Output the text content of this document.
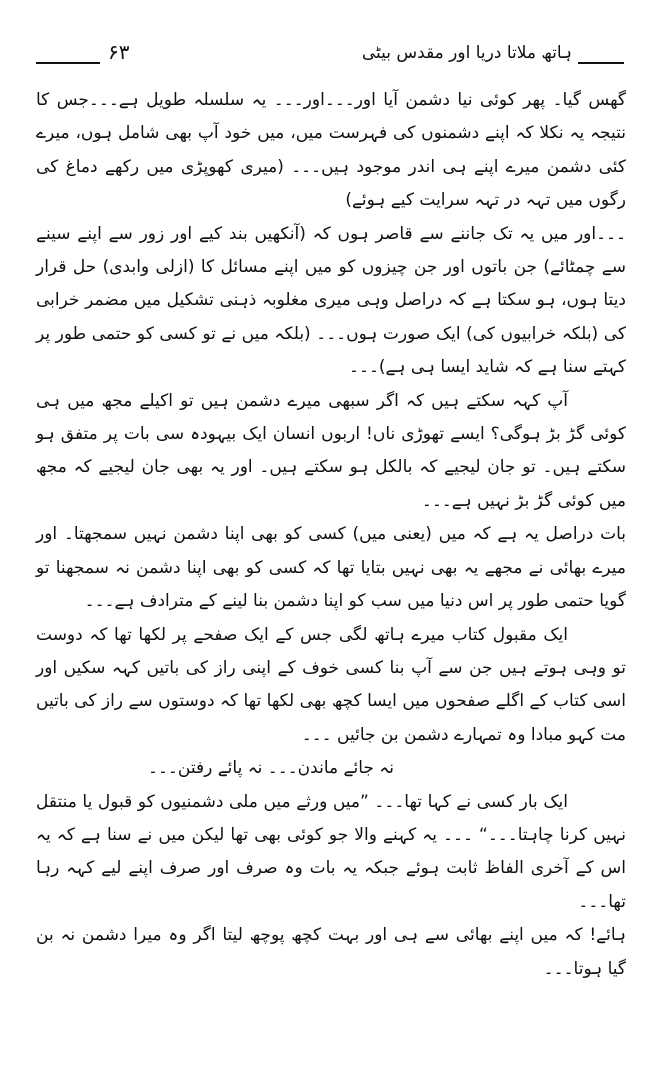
۶۳	ہاتھ ملاتا دریا اور مقدس بیٹی

گھس گیا۔ پھر کوئی نیا دشمن آیا اور۔۔۔اور۔۔۔ یہ سلسلہ طویل ہے۔۔۔جس کا نتیجہ یہ نکلا کہ اپنے دشمنوں کی فہرست میں، میں خود آپ بھی شامل ہوں، میرے کئی دشمن میرے اپنے ہی اندر موجود ہیں۔۔۔ (میری کھوپڑی میں رکھے دماغ کی رگوں میں تہہ در تہہ سرایت کیے ہوئے)

۔۔۔اور میں یہ تک جاننے سے قاصر ہوں کہ (آنکھیں بند کیے اور زور سے اپنے سینے سے چمٹائے) جن باتوں اور جن چیزوں کو میں اپنے مسائل کا (ازلی وابدی) حل قرار دیتا ہوں، ہو سکتا ہے کہ دراصل وہی میری مغلوبہ ذہنی تشکیل میں مضمر خرابی کی (بلکہ خرابیوں کی) ایک صورت ہوں۔۔۔ (بلکہ میں نے تو کسی کو حتمی طور پر کہتے سنا ہے کہ شاید ایسا ہی ہے)۔۔۔

آپ کہہ سکتے ہیں کہ اگر سبھی میرے دشمن ہیں تو اکیلے مجھ میں ہی کوئی گڑ بڑ ہوگی؟ ایسے تھوڑی ناں! اربوں انسان ایک بیہودہ سی بات پر متفق ہو سکتے ہیں۔ تو جان لیجیے کہ بالکل ہو سکتے ہیں۔ اور یہ بھی جان لیجیے کہ مجھ میں کوئی گڑ بڑ نہیں ہے۔۔۔

بات دراصل یہ ہے کہ میں (یعنی میں) کسی کو بھی اپنا دشمن نہیں سمجھتا۔ اور میرے بھائی نے مجھے یہ بھی نہیں بتایا تھا کہ کسی کو بھی اپنا دشمن نہ سمجھنا تو گویا حتمی طور پر اس دنیا میں سب کو اپنا دشمن بنا لینے کے مترادف ہے۔۔۔

ایک مقبول کتاب میرے ہاتھ لگی جس کے ایک صفحے پر لکھا تھا کہ دوست تو وہی ہوتے ہیں جن سے آپ بنا کسی خوف کے اپنی راز کی باتیں کہہ سکیں اور اسی کتاب کے اگلے صفحوں میں ایسا کچھ بھی لکھا تھا کہ دوستوں سے راز کی باتیں مت کہو مبادا وہ تمہارے دشمن بن جائیں ۔۔۔

نہ جائے ماندن۔۔۔ نہ پائے رفتن۔۔۔

ایک بار کسی نے کہا تھا۔۔۔ ”میں ورثے میں ملی دشمنیوں کو قبول یا منتقل نہیں کرنا چاہتا۔۔۔“ ۔۔۔ یہ کہنے والا جو کوئی بھی تھا لیکن میں نے سنا ہے کہ یہ اس کے آخری الفاظ ثابت ہوئے جبکہ یہ بات وہ صرف اور صرف اپنے لیے کہہ رہا تھا۔۔۔

ہائے! کہ میں اپنے بھائی سے ہی اور بہت کچھ پوچھ لیتا اگر وہ میرا دشمن نہ بن گیا ہوتا۔۔۔
